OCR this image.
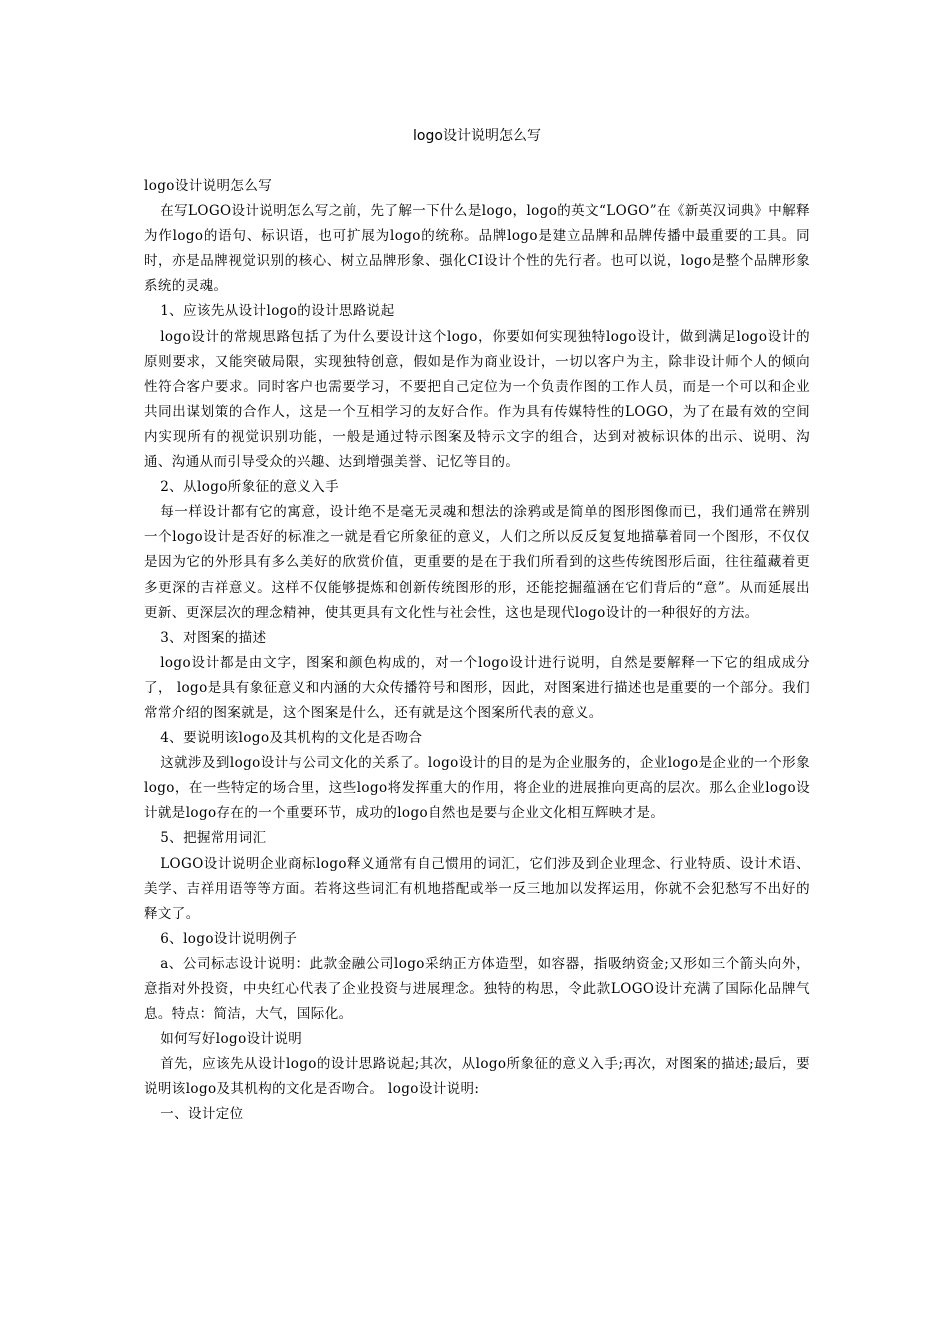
logo设计说明怎么写

logo设计说明怎么写

在写LOGO设计说明怎么写之前，先了解一下什么是logo，logo的英文“LOGO”在《新英汉词典》中解释为作logo的语句、标识语，也可扩展为logo的统称。品牌logo是建立品牌和品牌传播中最重要的工具。同时，亦是品牌视觉识别的核心、树立品牌形象、强化CI设计个性的先行者。也可以说，logo是整个品牌形象系统的灵魂。

1、应该先从设计logo的设计思路说起

logo设计的常规思路包括了为什么要设计这个logo，你要如何实现独特logo设计，做到满足logo设计的原则要求，又能突破局限，实现独特创意，假如是作为商业设计，一切以客户为主，除非设计师个人的倾向性符合客户要求。同时客户也需要学习，不要把自己定位为一个负责作图的工作人员，而是一个可以和企业共同出谋划策的合作人，这是一个互相学习的友好合作。作为具有传媒特性的LOGO，为了在最有效的空间内实现所有的视觉识别功能，一般是通过特示图案及特示文字的组合，达到对被标识体的出示、说明、沟通、沟通从而引导受众的兴趣、达到增强美誉、记忆等目的。

2、从logo所象征的意义入手

每一样设计都有它的寓意，设计绝不是毫无灵魂和想法的涂鸦或是简单的图形图像而已，我们通常在辨别一个logo设计是否好的标准之一就是看它所象征的意义，人们之所以反反复复地描摹着同一个图形，不仅仅是因为它的外形具有多么美好的欣赏价值，更重要的是在于我们所看到的这些传统图形后面，往往蕴藏着更多更深的吉祥意义。这样不仅能够提炼和创新传统图形的形，还能挖掘蕴涵在它们背后的“意”。从而延展出更新、更深层次的理念精神，使其更具有文化性与社会性，这也是现代logo设计的一种很好的方法。

3、对图案的描述

logo设计都是由文字，图案和颜色构成的，对一个logo设计进行说明，自然是要解释一下它的组成成分了， logo是具有象征意义和内涵的大众传播符号和图形，因此，对图案进行描述也是重要的一个部分。我们常常介绍的图案就是，这个图案是什么，还有就是这个图案所代表的意义。

4、要说明该logo及其机构的文化是否吻合

这就涉及到logo设计与公司文化的关系了。logo设计的目的是为企业服务的，企业logo是企业的一个形象logo，在一些特定的场合里，这些logo将发挥重大的作用，将企业的进展推向更高的层次。那么企业logo设计就是logo存在的一个重要环节，成功的logo自然也是要与企业文化相互辉映才是。

5、把握常用词汇

LOGO设计说明企业商标logo释义通常有自己惯用的词汇，它们涉及到企业理念、行业特质、设计术语、美学、吉祥用语等等方面。若将这些词汇有机地搭配或举一反三地加以发挥运用，你就不会犯愁写不出好的释文了。

6、logo设计说明例子

a、公司标志设计说明：此款金融公司logo采纳正方体造型，如容器，指吸纳资金;又形如三个箭头向外，意指对外投资，中央红心代表了企业投资与进展理念。独特的构思，令此款LOGO设计充满了国际化品牌气息。特点：简洁，大气，国际化。

如何写好logo设计说明

首先，应该先从设计logo的设计思路说起;其次，从logo所象征的意义入手;再次，对图案的描述;最后，要说明该logo及其机构的文化是否吻合。 logo设计说明:

一、设计定位
